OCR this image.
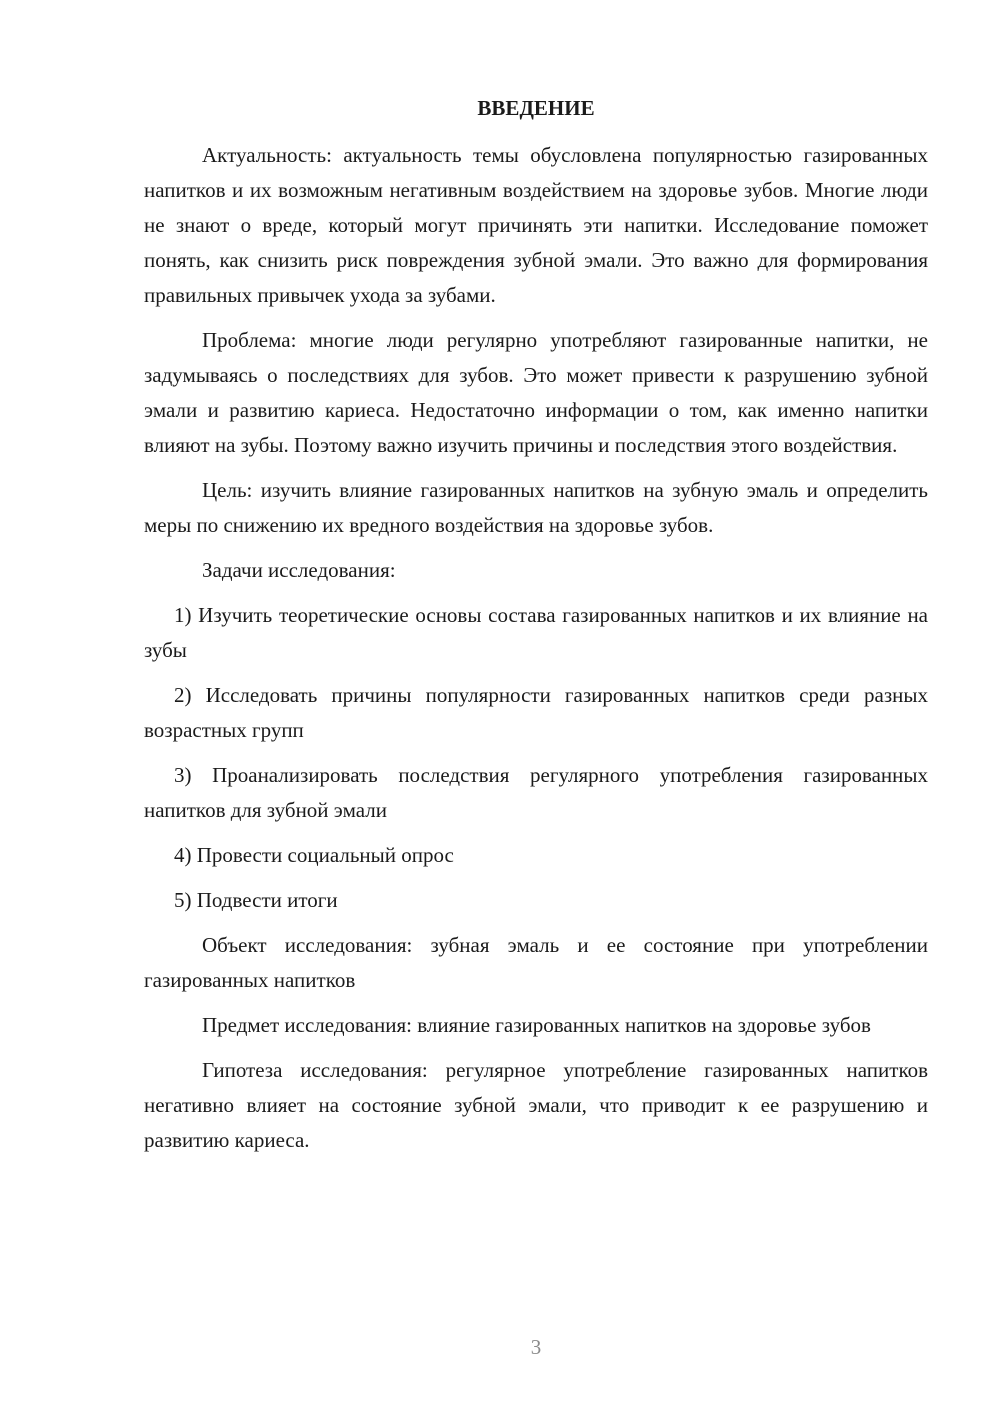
ВВЕДЕНИЕ

Актуальность: актуальность темы обусловлена популярностью газированных напитков и их возможным негативным воздействием на здоровье зубов. Многие люди не знают о вреде, который могут причинять эти напитки. Исследование поможет понять, как снизить риск повреждения зубной эмали. Это важно для формирования правильных привычек ухода за зубами.

Проблема: многие люди регулярно употребляют газированные напитки, не задумываясь о последствиях для зубов. Это может привести к разрушению зубной эмали и развитию кариеса. Недостаточно информации о том, как именно напитки влияют на зубы. Поэтому важно изучить причины и последствия этого воздействия.

Цель: изучить влияние газированных напитков на зубную эмаль и определить меры по снижению их вредного воздействия на здоровье зубов.

Задачи исследования:

1) Изучить теоретические основы состава газированных напитков и их влияние на зубы

2) Исследовать причины популярности газированных напитков среди разных возрастных групп

3) Проанализировать последствия регулярного употребления газированных напитков для зубной эмали

4) Провести социальный опрос

5) Подвести итоги

Объект исследования: зубная эмаль и ее состояние при употреблении газированных напитков

Предмет исследования: влияние газированных напитков на здоровье зубов

Гипотеза исследования: регулярное употребление газированных напитков негативно влияет на состояние зубной эмали, что приводит к ее разрушению и развитию кариеса.

3
